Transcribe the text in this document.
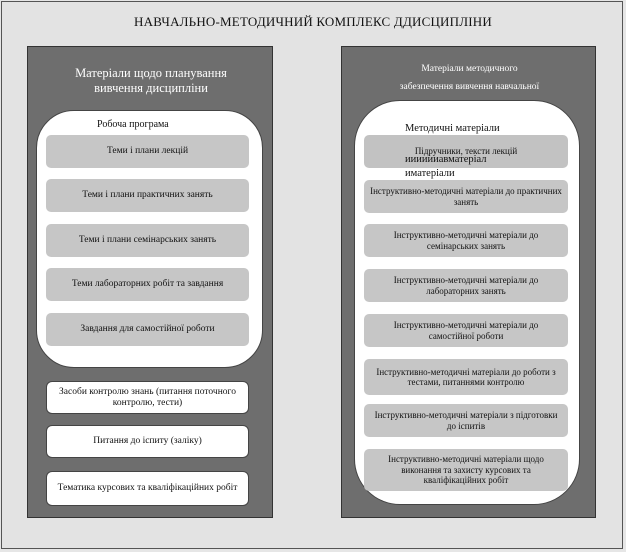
НАВЧАЛЬНО-МЕТОДИЧНИЙ КОМПЛЕКС ДДИСЦИПЛІНИ
Матеріали щодо планування
вивчення дисципліни
Робоча програма
Теми і плани лекцій
Теми і плани практичних занять
Теми і плани семінарських занять
Теми лабораторних робіт та завдання
Завдання для самостійної роботи
Засоби контролю знань (питання поточного контролю, тести)
Питання до іспиту (заліку)
Тематика курсових та кваліфікаційних робіт
Матеріали методичного
забезпечення вивчення навчальної
Методичні матеріали
Підручники, тексти лекцій
ииииииавматеріал
иматеріали
Інструктивно-методичні матеріали до практичних занять
Інструктивно-методичні матеріали до семінарських занять
Інструктивно-методичні матеріали до лабораторних занять
Інструктивно-методичні матеріали до самостійної роботи
Інструктивно-методичні матеріали до роботи з тестами, питаннями контролю
Інструктивно-методичні матеріали з підготовки до іспитів
Інструктивно-методичні матеріали щодо виконання та захисту курсових та кваліфікаційних робіт
